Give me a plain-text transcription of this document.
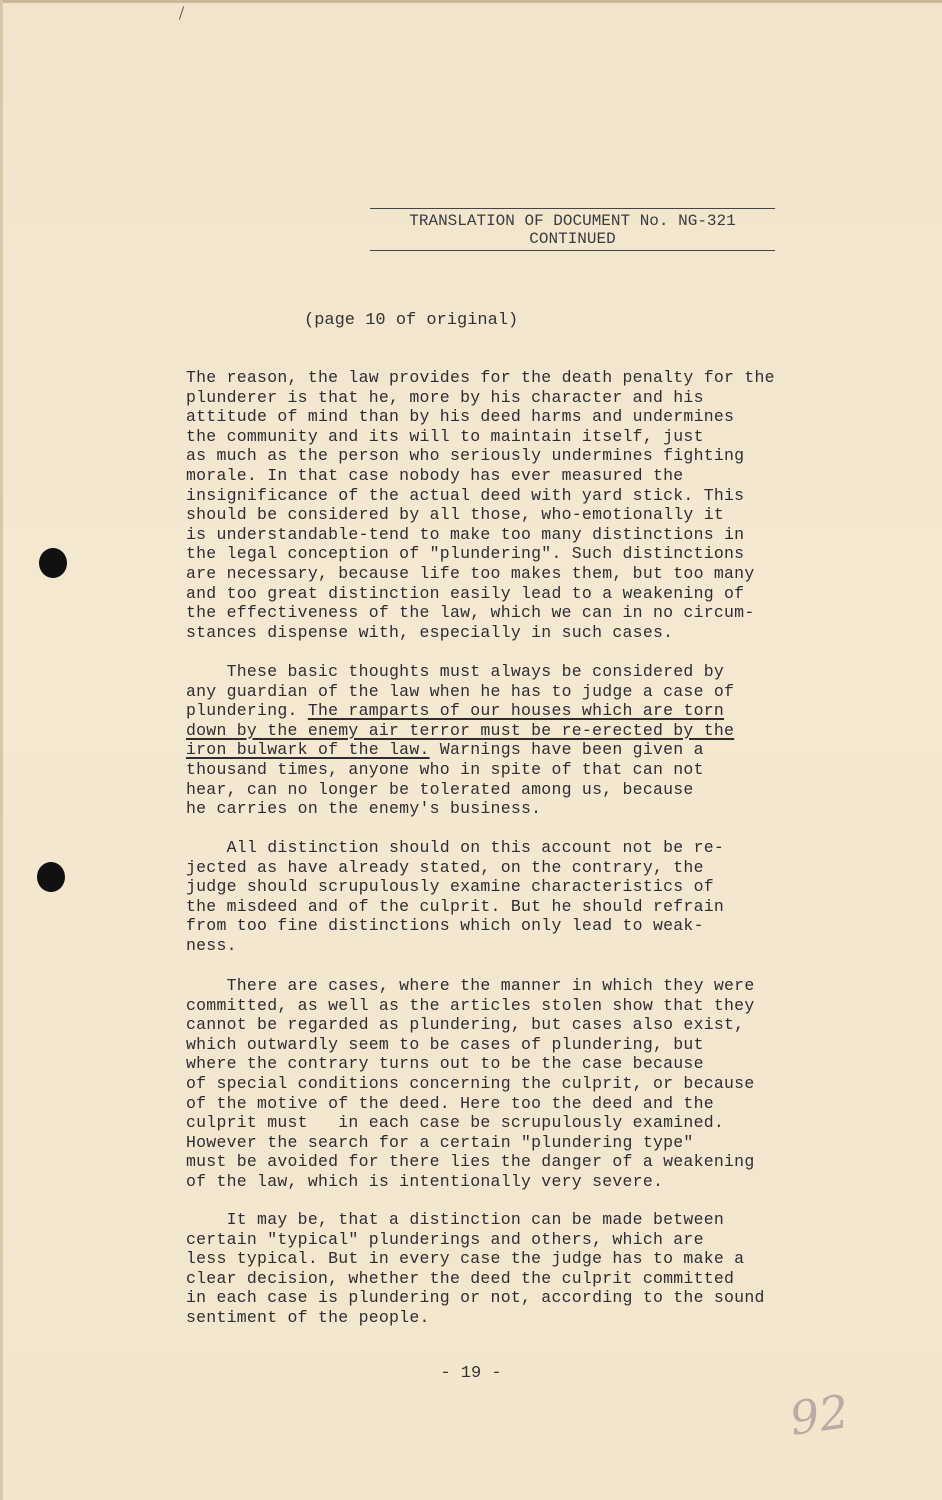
TRANSLATION OF DOCUMENT No. NG-321
CONTINUED
(page 10 of original)

The reason, the law provides for the death penalty for the
plunderer is that he, more by his character and his
attitude of mind than by his deed harms and undermines
the community and its will to maintain itself, just
as much as the person who seriously undermines fighting
morale. In that case nobody has ever measured the
insignificance of the actual deed with yard stick. This
should be considered by all those, who-emotionally it
is understandable-tend to make too many distinctions in
the legal conception of "plundering". Such distinctions
are necessary, because life too makes them, but too many
and too great distinction easily lead to a weakening of
the effectiveness of the law, which we can in no circum-
stances dispense with, especially in such cases.

These basic thoughts must always be considered by
any guardian of the law when he has to judge a case of
plundering. The ramparts of our houses which are torn
down by the enemy air terror must be re-erected by the
iron bulwark of the law. Warnings have been given a
thousand times, anyone who in spite of that can not
hear, can no longer be tolerated among us, because
he carries on the enemy's business.

All distinction should on this account not be re-
jected as have already stated, on the contrary, the
judge should scrupulously examine characteristics of
the misdeed and of the culprit. But he should refrain
from too fine distinctions which only lead to weak-
ness.

There are cases, where the manner in which they were
committed, as well as the articles stolen show that they
cannot be regarded as plundering, but cases also exist,
which outwardly seem to be cases of plundering, but
where the contrary turns out to be the case because
of special conditions concerning the culprit, or because
of the motive of the deed. Here too the deed and the
culprit must   in each case be scrupulously examined.
However the search for a certain "plundering type"
must be avoided for there lies the danger of a weakening
of the law, which is intentionally very severe.

It may be, that a distinction can be made between
certain "typical" plunderings and others, which are
less typical. But in every case the judge has to make a
clear decision, whether the deed the culprit committed
in each case is plundering or not, according to the sound
sentiment of the people.

- 19 -
92
